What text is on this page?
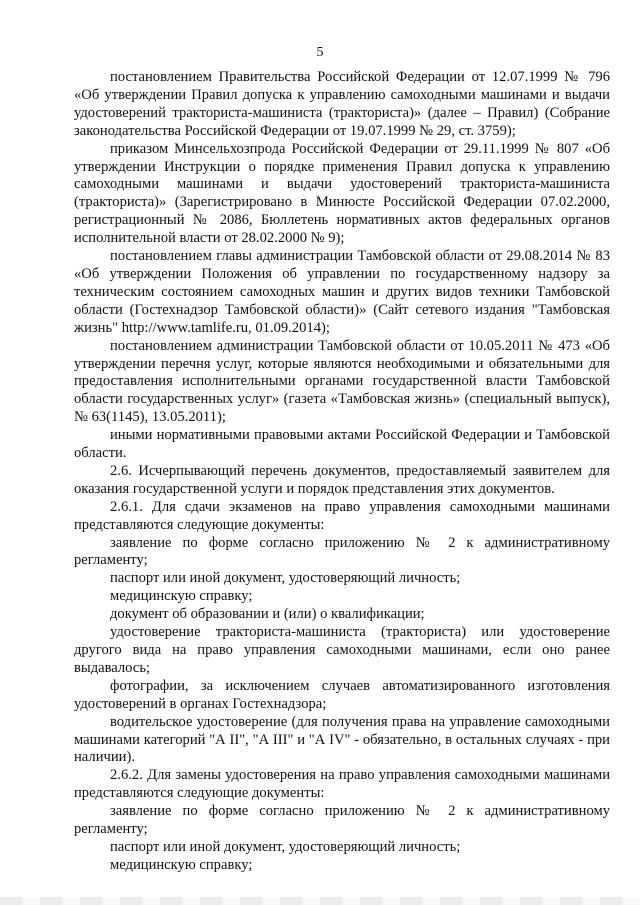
5

постановлением Правительства Российской Федерации от 12.07.1999 № 796 «Об утверждении Правил допуска к управлению самоходными машинами и выдачи удостоверений тракториста-машиниста (тракториста)» (далее – Правил) (Собрание законодательства Российской Федерации от 19.07.1999 № 29, ст. 3759);

приказом Минсельхозпрода Российской Федерации от 29.11.1999 № 807 «Об утверждении Инструкции о порядке применения Правил допуска к управлению самоходными машинами и выдачи удостоверений тракториста-машиниста (тракториста)» (Зарегистрировано в Минюсте Российской Федерации 07.02.2000, регистрационный № 2086, Бюллетень нормативных актов федеральных органов исполнительной власти от 28.02.2000 № 9);

постановлением главы администрации Тамбовской области от 29.08.2014 № 83 «Об утверждении Положения об управлении по государственному надзору за техническим состоянием самоходных машин и других видов техники Тамбовской области (Гостехнадзор Тамбовской области)» (Сайт сетевого издания "Тамбовская жизнь" http://www.tamlife.ru, 01.09.2014);

постановлением администрации Тамбовской области от 10.05.2011 № 473 «Об утверждении перечня услуг, которые являются необходимыми и обязательными для предоставления исполнительными органами государственной власти Тамбовской области государственных услуг» (газета «Тамбовская жизнь» (специальный выпуск), № 63(1145), 13.05.2011);

иными нормативными правовыми актами Российской Федерации и Тамбовской области.

2.6. Исчерпывающий перечень документов, предоставляемый заявителем для оказания государственной услуги и порядок представления этих документов.

2.6.1. Для сдачи экзаменов на право управления самоходными машинами представляются следующие документы:

заявление по форме согласно приложению № 2 к административному регламенту;

паспорт или иной документ, удостоверяющий личность;

медицинскую справку;

документ об образовании и (или) о квалификации;

удостоверение тракториста-машиниста (тракториста) или удостоверение другого вида на право управления самоходными машинами, если оно ранее выдавалось;

фотографии, за исключением случаев автоматизированного изготовления удостоверений в органах Гостехнадзора;

водительское удостоверение (для получения права на управление самоходными машинами категорий "А II", "А III" и "А IV" - обязательно, в остальных случаях - при наличии).

2.6.2. Для замены удостоверения на право управления самоходными машинами представляются следующие документы:

заявление по форме согласно приложению № 2 к административному регламенту;

паспорт или иной документ, удостоверяющий личность;

медицинскую справку;
